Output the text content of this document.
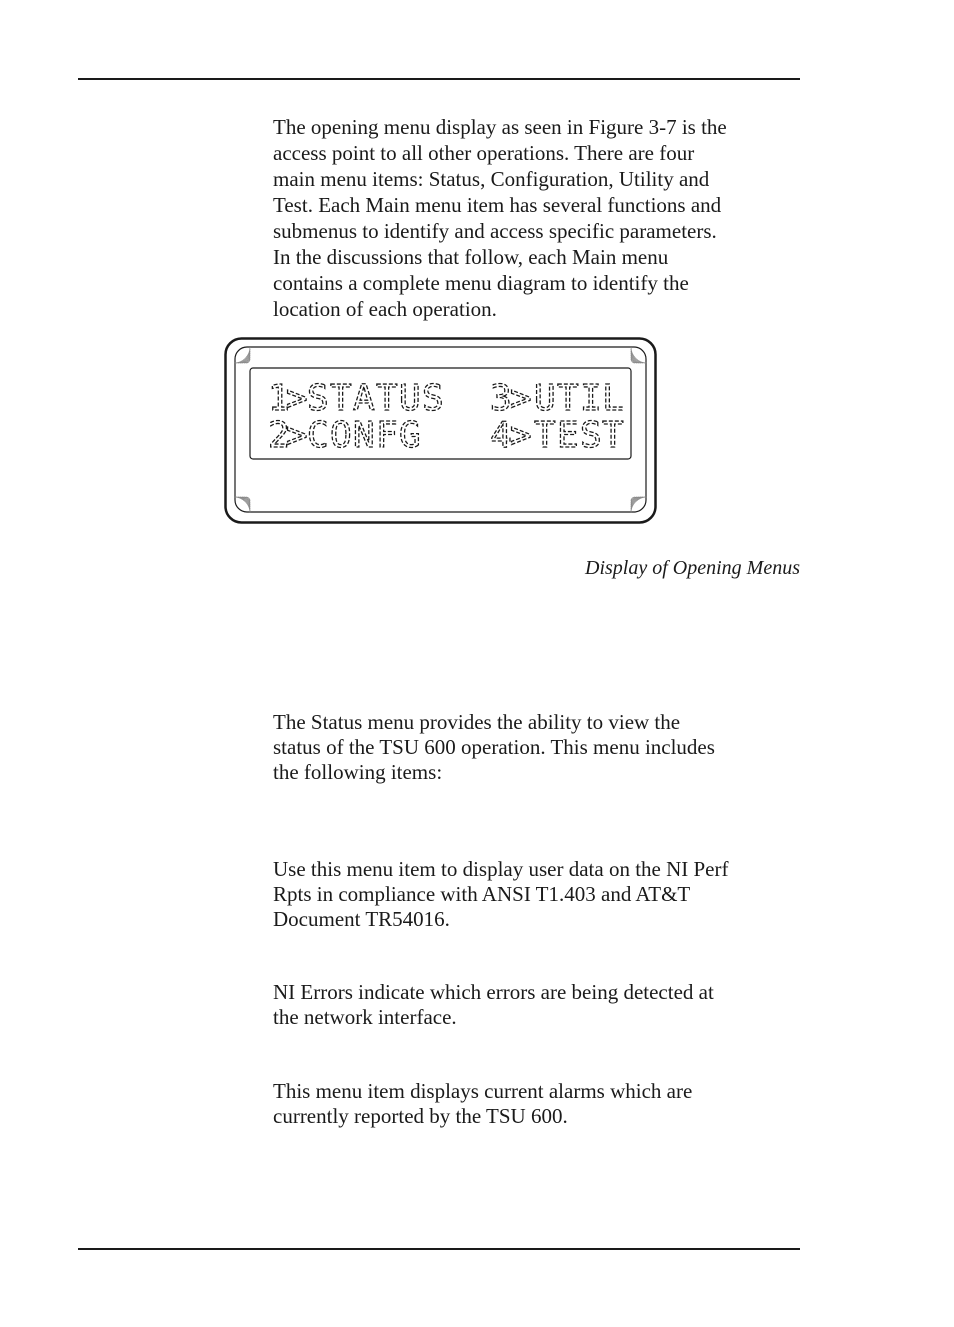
The opening menu display as seen in Figure 3-7 is the
access point to all other operations. There are four
main menu items: Status, Configuration, Utility and
Test. Each Main menu item has several functions and
submenus to identify and access specific parameters.
In the discussions that follow, each Main menu
contains a complete menu diagram to identify the
location of each operation.

1
> S T A T U S 3
> U T I L
2
> C O N F G 4
> T E S T
Display of Opening Menus

The Status menu provides the ability to view the
status of the TSU 600 operation. This menu includes
the following items:

Use this menu item to display user data on the NI Perf
Rpts in compliance with ANSI T1.403 and AT&T
Document TR54016.

NI Errors indicate which errors are being detected at
the network interface.

This menu item displays current alarms which are
currently reported by the TSU 600.
